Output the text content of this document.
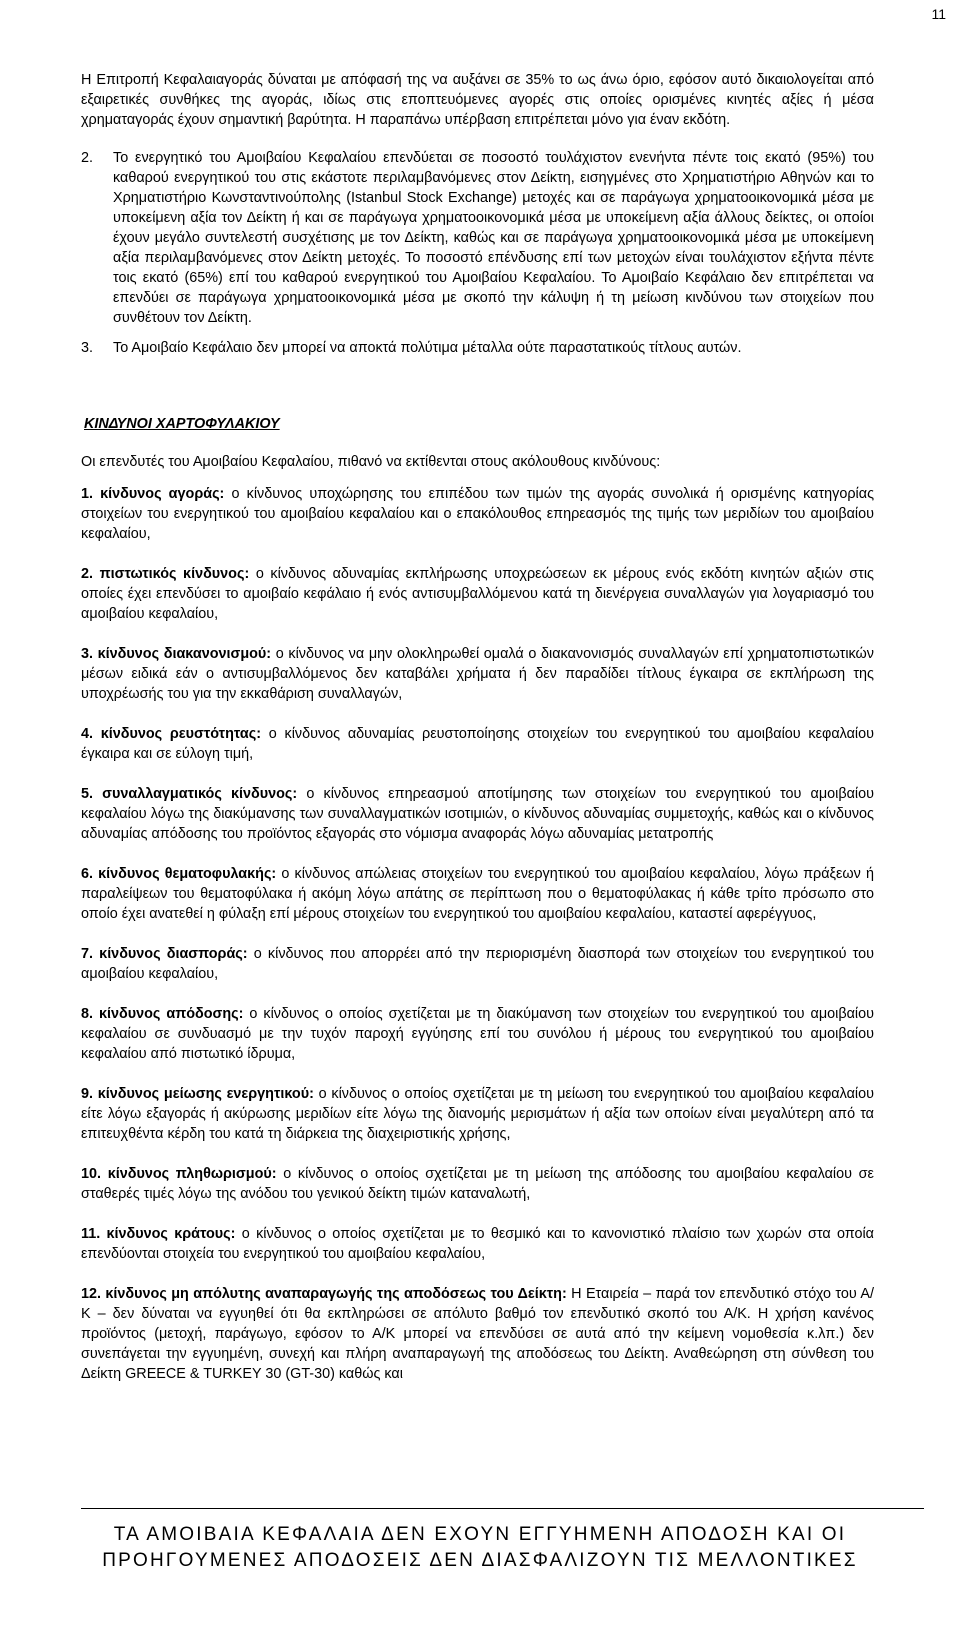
11

Η Επιτροπή Κεφαλαιαγοράς δύναται με απόφασή της να αυξάνει σε 35% το ως άνω όριο, εφόσον αυτό δικαιολογείται από εξαιρετικές συνθήκες της αγοράς, ιδίως στις εποπτευόμενες αγορές στις οποίες ορισμένες κινητές αξίες ή μέσα χρηματαγοράς έχουν σημαντική βαρύτητα. Η παραπάνω υπέρβαση επιτρέπεται μόνο για έναν εκδότη.

2.	Το ενεργητικό του Αμοιβαίου Κεφαλαίου επενδύεται σε ποσοστό τουλάχιστον ενενήντα πέντε τοις εκατό (95%) του καθαρού ενεργητικού του στις εκάστοτε περιλαμβανόμενες στον Δείκτη, εισηγμένες στο Χρηματιστήριο Αθηνών και το Χρηματιστήριο Κωνσταντινούπολης (Istanbul Stock Exchange) μετοχές και σε παράγωγα χρηματοοικονομικά μέσα με υποκείμενη αξία τον Δείκτη ή και σε παράγωγα χρηματοοικονομικά μέσα με υποκείμενη αξία άλλους δείκτες, οι οποίοι έχουν μεγάλο συντελεστή συσχέτισης με τον Δείκτη, καθώς και σε παράγωγα χρηματοοικονομικά μέσα με υποκείμενη αξία περιλαμβανόμενες στον Δείκτη μετοχές. Το ποσοστό επένδυσης επί των μετοχών είναι τουλάχιστον εξήντα πέντε τοις εκατό (65%) επί του καθαρού ενεργητικού του Αμοιβαίου Κεφαλαίου. Το Αμοιβαίο Κεφάλαιο δεν επιτρέπεται να επενδύει σε παράγωγα χρηματοοικονομικά μέσα με σκοπό την κάλυψη ή τη μείωση κινδύνου των στοιχείων που συνθέτουν τον Δείκτη.
3.	Το Αμοιβαίο Κεφάλαιο δεν μπορεί να αποκτά πολύτιμα μέταλλα ούτε παραστατικούς τίτλους αυτών.

ΚΙΝΔΥΝΟΙ ΧΑΡΤΟΦΥΛΑΚΙΟΥ

Οι επενδυτές του Αμοιβαίου Κεφαλαίου, πιθανό να εκτίθενται στους ακόλουθους κινδύνους:

1. κίνδυνος αγοράς: ο κίνδυνος υποχώρησης του επιπέδου των τιμών της αγοράς συνολικά ή ορισμένης κατηγορίας στοιχείων του ενεργητικού του αμοιβαίου κεφαλαίου και ο επακόλουθος επηρεασμός της τιμής των μεριδίων του αμοιβαίου κεφαλαίου,

2. πιστωτικός κίνδυνος: ο κίνδυνος αδυναμίας εκπλήρωσης υποχρεώσεων εκ μέρους ενός εκδότη κινητών αξιών στις οποίες έχει επενδύσει το αμοιβαίο κεφάλαιο ή ενός αντισυμβαλλόμενου κατά τη διενέργεια συναλλαγών για λογαριασμό του αμοιβαίου κεφαλαίου,

3. κίνδυνος διακανονισμού: ο κίνδυνος να μην ολοκληρωθεί ομαλά ο διακανονισμός συναλλαγών επί χρηματοπιστωτικών μέσων ειδικά εάν ο αντισυμβαλλόμενος δεν καταβάλει χρήματα ή δεν παραδίδει τίτλους έγκαιρα σε εκπλήρωση της υποχρέωσής του για την εκκαθάριση συναλλαγών,

4. κίνδυνος ρευστότητας: ο κίνδυνος αδυναμίας ρευστοποίησης στοιχείων του ενεργητικού του αμοιβαίου κεφαλαίου έγκαιρα και σε εύλογη τιμή,

5. συναλλαγματικός κίνδυνος: ο κίνδυνος επηρεασμού αποτίμησης των στοιχείων του ενεργητικού του αμοιβαίου κεφαλαίου λόγω της διακύμανσης των συναλλαγματικών ισοτιμιών, ο κίνδυνος αδυναμίας συμμετοχής, καθώς και ο κίνδυνος αδυναμίας απόδοσης του προϊόντος εξαγοράς στο νόμισμα αναφοράς λόγω αδυναμίας μετατροπής

6. κίνδυνος θεματοφυλακής: ο κίνδυνος απώλειας στοιχείων του ενεργητικού του αμοιβαίου κεφαλαίου, λόγω πράξεων ή παραλείψεων του θεματοφύλακα ή ακόμη λόγω απάτης σε περίπτωση που ο θεματοφύλακας ή κάθε τρίτο πρόσωπο στο οποίο έχει ανατεθεί η φύλαξη επί μέρους στοιχείων του ενεργητικού του αμοιβαίου κεφαλαίου, καταστεί αφερέγγυος,

7. κίνδυνος διασποράς: ο κίνδυνος που απορρέει από την περιορισμένη διασπορά των στοιχείων του ενεργητικού του αμοιβαίου κεφαλαίου,

8. κίνδυνος απόδοσης: ο κίνδυνος ο οποίος σχετίζεται με τη διακύμανση των στοιχείων του ενεργητικού του αμοιβαίου κεφαλαίου σε συνδυασμό με την τυχόν παροχή εγγύησης επί του συνόλου ή μέρους του ενεργητικού του αμοιβαίου κεφαλαίου από πιστωτικό ίδρυμα,

9. κίνδυνος μείωσης ενεργητικού: ο κίνδυνος ο οποίος σχετίζεται με τη μείωση του ενεργητικού του αμοιβαίου κεφαλαίου είτε λόγω εξαγοράς ή ακύρωσης μεριδίων είτε λόγω της διανομής μερισμάτων ή αξία των οποίων είναι μεγαλύτερη από τα επιτευχθέντα κέρδη του κατά τη διάρκεια της διαχειριστικής χρήσης,

10. κίνδυνος πληθωρισμού: ο κίνδυνος ο οποίος σχετίζεται με τη μείωση της απόδοσης του αμοιβαίου κεφαλαίου σε σταθερές τιμές λόγω της ανόδου του γενικού δείκτη τιμών καταναλωτή,

11. κίνδυνος κράτους: ο κίνδυνος ο οποίος σχετίζεται με το θεσμικό και το κανονιστικό πλαίσιο των χωρών στα οποία επενδύονται στοιχεία του ενεργητικού του αμοιβαίου κεφαλαίου,

12. κίνδυνος μη απόλυτης αναπαραγωγής της αποδόσεως του Δείκτη: Η Εταιρεία – παρά τον επενδυτικό στόχο του Α/Κ – δεν δύναται να εγγυηθεί ότι θα εκπληρώσει σε απόλυτο βαθμό τον επενδυτικό σκοπό του Α/Κ. Η χρήση κανένος προϊόντος (μετοχή, παράγωγο, εφόσον το Α/Κ μπορεί να επενδύσει σε αυτά από την κείμενη νομοθεσία κ.λπ.) δεν συνεπάγεται την εγγυημένη, συνεχή και πλήρη αναπαραγωγή της αποδόσεως του Δείκτη. Αναθεώρηση στη σύνθεση του Δείκτη GREECE & TURKEY 30 (GT-30) καθώς και

ΤΑ ΑΜΟΙΒΑΙΑ ΚΕΦΑΛΑΙΑ ΔΕΝ ΕΧΟΥΝ ΕΓΓΥΗΜΕΝΗ ΑΠΟΔΟΣΗ ΚΑΙ ΟΙ
ΠΡΟΗΓΟΥΜΕΝΕΣ ΑΠΟΔΟΣΕΙΣ ΔΕΝ ΔΙΑΣΦΑΛΙΖΟΥΝ ΤΙΣ ΜΕΛΛΟΝΤΙΚΕΣ
